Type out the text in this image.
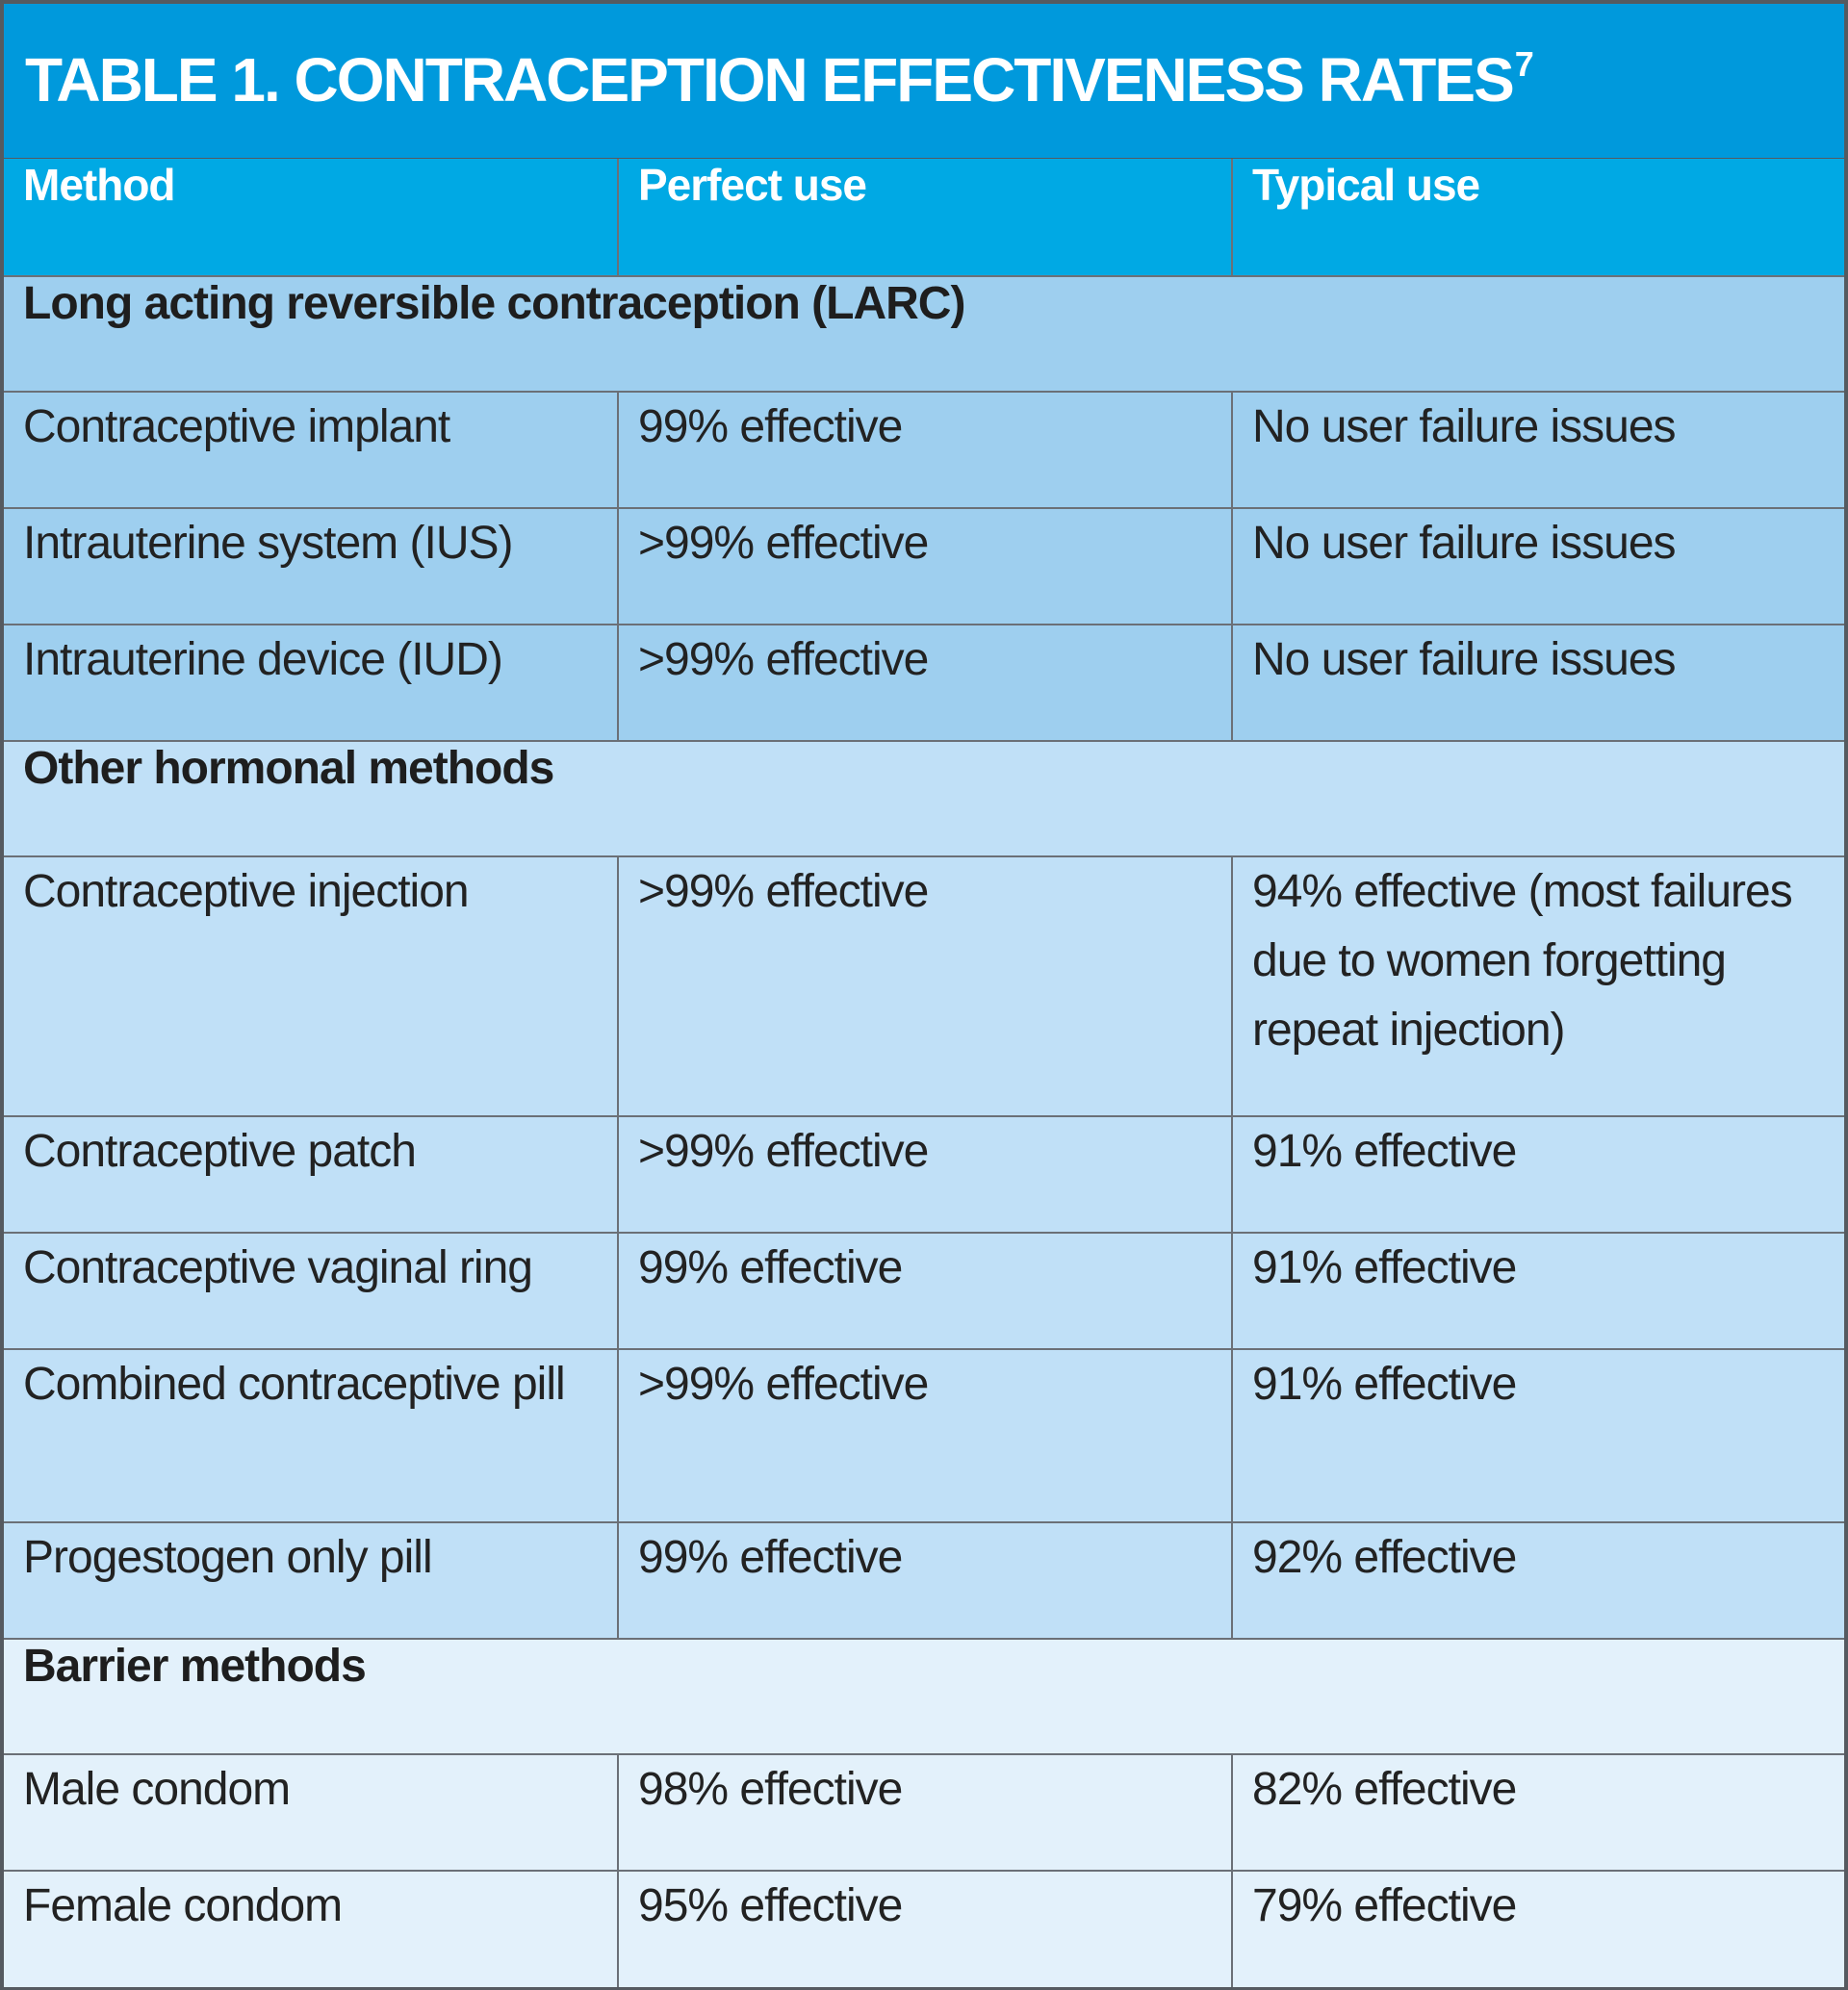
TABLE 1. CONTRACEPTION EFFECTIVENESS RATES$^7$
Method	Perfect use	Typical use
Long acting reversible contraception (LARC)		
Contraceptive implant	99% effective	No user failure issues
Intrauterine system (IUS)	>99% effective	No user failure issues
Intrauterine device (IUD)	>99% effective	No user failure issues
Other hormonal methods		
Contraceptive injection	>99% effective	94% effective (most failures due to women forgetting repeat injection)
Contraceptive patch	>99% effective	91% effective
Contraceptive vaginal ring	99% effective	91% effective
Combined contraceptive pill	>99% effective	91% effective
Progestogen only pill	99% effective	92% effective
Barrier methods		
Male condom	98% effective	82% effective
Female condom	95% effective	79% effective
